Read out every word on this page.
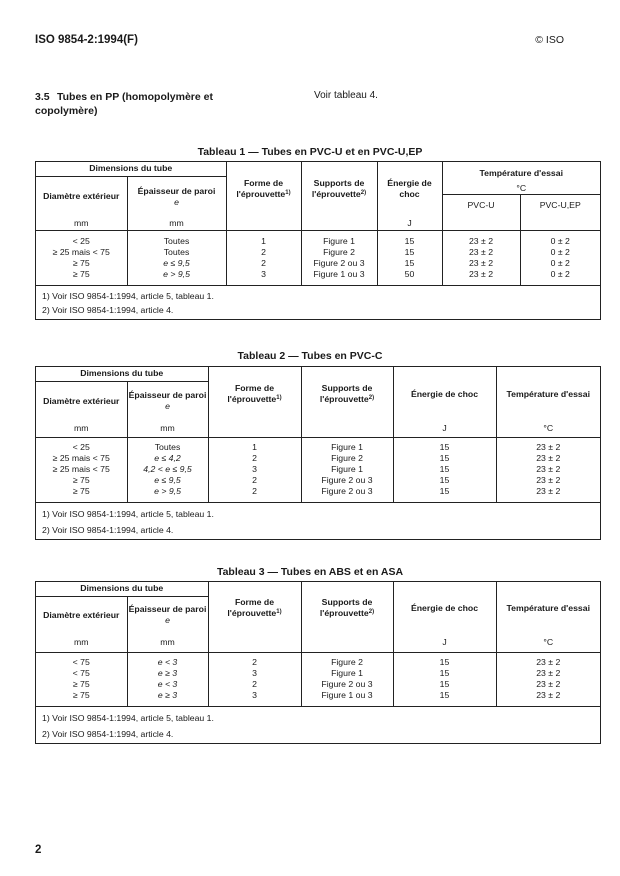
ISO 9854-2:1994(F)	© ISO
3.5 Tubes en PP (homopolymère et copolymère)
Voir tableau 4.
Tableau 1 — Tubes en PVC-U et en PVC-U,EP
Dimensions du tube		Forme de l'éprouvette$^{1)}$	Supports de l'éprouvette$^{2)}$	Énergie de choc	Température d'essai
°C	

Diamètre extérieur	Épaisseur de paroi
e					

					PVC-U	PVC-U,EP
mm	mm			J		

< 25	Toutes	1	Figure 1	15	23 ± 2	0 ± 2
≥ 25 mais < 75	Toutes	2	Figure 2	15	23 ± 2	0 ± 2
≥ 75	e ≤ 9,5	2	Figure 2 ou 3	15	23 ± 2	0 ± 2
≥ 75	e > 9,5	3	Figure 1 ou 3	50	23 ± 2	0 ± 2

1) Voir ISO 9854-1:1994, article 5, tableau 1.
2) Voir ISO 9854-1:1994, article 4.
Tableau 2 — Tubes en PVC-C
Dimensions du tube		Forme de l'éprouvette$^{1)}$	Supports de l'éprouvette$^{2)}$	Énergie de choc	Température d'essai
Diamètre extérieur	Épaisseur de paroi
e				

mm	mm			J	°C

< 25	Toutes	1	Figure 1	15	23 ± 2
≥ 25 mais < 75	e ≤ 4,2	2	Figure 2	15	23 ± 2
≥ 25 mais < 75	4,2 < e ≤ 9,5	3	Figure 1	15	23 ± 2
≥ 75	e ≤ 9,5	2	Figure 2 ou 3	15	23 ± 2
≥ 75	e > 9,5	2	Figure 2 ou 3	15	23 ± 2

1) Voir ISO 9854-1:1994, article 5, tableau 1.
2) Voir ISO 9854-1:1994, article 4.
Tableau 3 — Tubes en ABS et en ASA
Dimensions du tube		Forme de l'éprouvette$^{1)}$	Supports de l'éprouvette$^{2)}$	Énergie de choc	Température d'essai
Diamètre extérieur	Épaisseur de paroi
e				

mm	mm			J	°C

< 75	e < 3	2	Figure 2	15	23 ± 2
< 75	e ≥ 3	3	Figure 1	15	23 ± 2
≥ 75	e < 3	2	Figure 2 ou 3	15	23 ± 2
≥ 75	e ≥ 3	3	Figure 1 ou 3	15	23 ± 2

1) Voir ISO 9854-1:1994, article 5, tableau 1.
2) Voir ISO 9854-1:1994, article 4.
2
